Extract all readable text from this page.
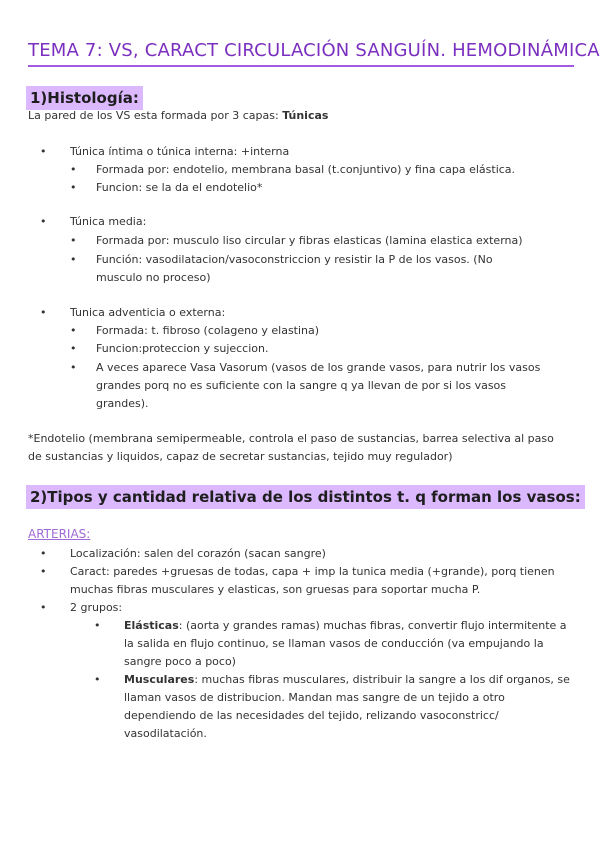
TEMA 7: VS, CARACT CIRCULACIÓN SANGUÍN. HEMODINÁMICA
1)Histología:
La pared de los VS esta formada por 3 capas: Túnicas
• Túnica íntima o túnica interna: +interna
• Formada por: endotelio, membrana basal (t.conjuntivo) y fina capa elástica.
• Funcion: se la da el endotelio*
• Túnica media:
• Formada por: musculo liso circular y fibras elasticas (lamina elastica externa)
• Función: vasodilatacion/vasoconstriccion y resistir la P de los vasos. (No musculo no proceso)
• Tunica adventicia o externa:
• Formada: t. fibroso (colageno y elastina)
• Funcion:proteccion y sujeccion.
• A veces aparece Vasa Vasorum (vasos de los grande vasos, para nutrir los vasos grandes porq no es suficiente con la sangre q ya llevan de por si los vasos grandes).
*Endotelio (membrana semipermeable, controla el paso de sustancias, barrea selectiva al paso de sustancias y liquidos, capaz de secretar sustancias, tejido muy regulador)
2)Tipos y cantidad relativa de los distintos t. q forman los vasos:
ARTERIAS:
• Localización: salen del corazón (sacan sangre)
• Caract: paredes +gruesas de todas, capa + imp la tunica media (+grande), porq tienen muchas fibras musculares y elasticas, son gruesas para soportar mucha P.
• 2 grupos:
• Elásticas: (aorta y grandes ramas) muchas fibras, convertir flujo intermitente a la salida en flujo continuo, se llaman vasos de conducción (va empujando la sangre poco a poco)
• Musculares: muchas fibras musculares, distribuir la sangre a los dif organos, se llaman vasos de distribucion. Mandan mas sangre de un tejido a otro dependiendo de las necesidades del tejido, relizando vasoconstricc/ vasodilatación.
